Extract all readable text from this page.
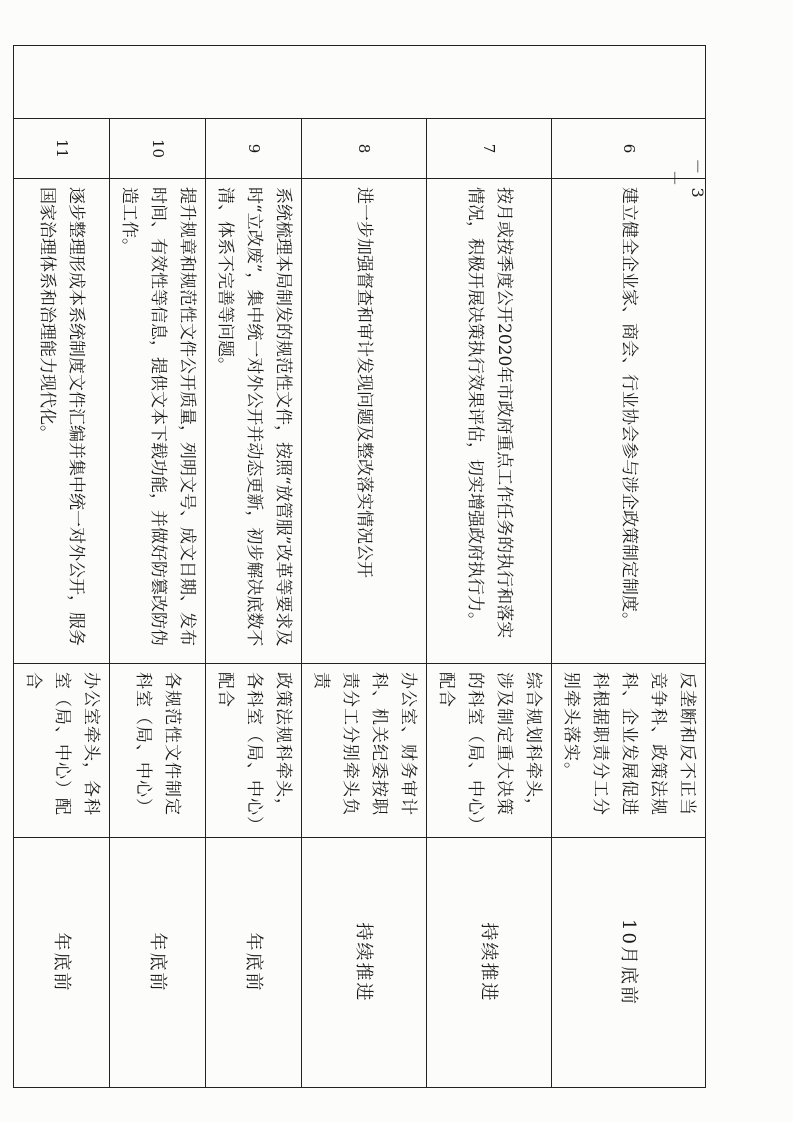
	6	建立健全企业家、商会、行业协会参与涉企政策制定制度。	反垄断和反不正当竞争科、政策法规科、企业发展促进科根据职责分工分别牵头落实。	10月底前
	7	按月或按季度公开2020年市政府重点工作任务的执行和落实情况，积极开展决策执行效果评估，切实增强政府执行力。	综合规划科牵头，涉及制定重大决策的科室（局、中心）配合	持续推进
	8	进一步加强督查和审计发现问题及整改落实情况公开	办公室、财务审计科、机关纪委按职责分工分别牵头负责	持续推进
	9	系统梳理本局制发的规范性文件，按照“放管服”改革等要求及时“立改废”，集中统一对外公开并动态更新，初步解决底数不清、体系不完善等问题。	政策法规科牵头，各科室（局、中心）配合	年底前
	10	提升规章和规范性文件公开质量，列明文号、成文日期、发布时间、有效性等信息，提供文本下载功能，并做好防篡改防伪造工作。	各规范性文件制定科室（局、中心）	年底前
	11	逐步整理形成本系统制度文件汇编并集中统一对外公开，服务国家治理体系和治理能力现代化。	办公室牵头，各科室（局、中心）配合	年底前
－ 3 －
